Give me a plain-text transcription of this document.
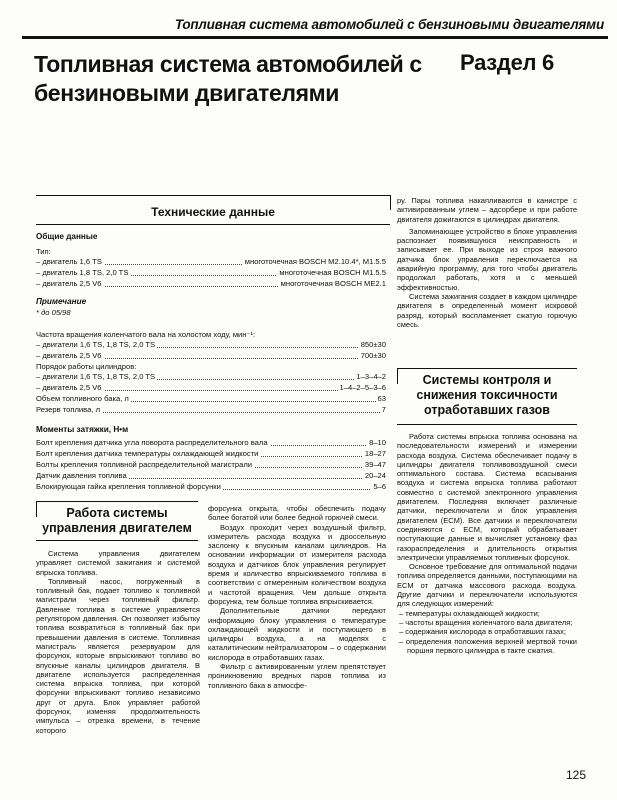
Топливная система автомобилей с бензиновыми двигателями
Топливная система автомобилей с бензиновыми двигателями
Раздел 6
Технические данные
Общие данные
Тип:
– двигатель 1,6 TS	многоточечная BOSCH M2.10.4*, M1.5.5
– двигатель 1,8 TS, 2,0 TS	многоточечная BOSCH M1.5.5
– двигатель 2,5 V6	многоточечная BOSCH ME2.1
Примечание
* до 05/98
Частота вращения коленчатого вала на холостом ходу, мин⁻¹:
– двигатели 1,6 TS, 1,8 TS, 2,0 TS	850±30
– двигатель 2,5 V6	700±30
Порядок работы цилиндров:
– двигатели 1,6 TS, 1,8 TS, 2,0 TS	1–3–4–2
– двигатель 2,5 V6	1–4–2–5–3–6
Объем топливного бака, л	63
Резерв топлива, л	7
Моменты затяжки, Н•м
Болт крепления датчика угла поворота распределительного вала	8–10
Болт крепления датчика температуры охлаждающей жидкости	18–27
Болты крепления топливной распределительной магистрали	39–47
Датчик давления топлива	20–24
Блокирующая гайка крепления топливной форсунки	5–6
Работа системы управления двигателем

Система управления двигателем управляет системой зажигания и системой впрыска топлива.

Топливный насос, погруженный в топливный бак, подает топливо к топливной магистрали через топливный фильтр. Давление топлива в системе управляется регулятором давления. Он позволяет избытку топлива возвратиться в топливный бак при превышении давления в системе. Топливная магистраль является резервуаром для форсунок, которые впрыскивают топливо во впускные каналы цилиндров двигателя. В двигателе используется распределенная система впрыска топлива, при которой форсунки впрыскивают топливо независимо друг от друга. Блок управляет работой форсунок, изменяя продолжительность импульса – отрезка времени, в течение которого

форсунка открыта, чтобы обеспечить подачу более богатой или более бедной горючей смеси.

Воздух проходит через воздушный фильтр, измеритель расхода воздуха и дроссельную заслонку к впускным каналам цилиндров. На основании информации от измерителя расхода воздуха и датчиков блок управления регулирует время и количество впрыскиваемого топлива в соответствии с отмеренным количеством воздуха и частотой вращения. Чем дольше открыта форсунка, тем больше топлива впрыскивается.

Дополнительные датчики передают информацию блоку управления о температуре охлаждающей жидкости и поступающего в цилиндры воздуха, а на моделях с каталитическим нейтрализатором – о содержании кислорода в отработавших газах.

Фильтр с активированным углем препятствует проникновению вредных паров топлива из топливного бака в атмосфе-

ру. Пары топлива накапливаются в канистре с активированным углем – адсорбере и при работе двигателя дожигаются в цилиндрах двигателя.

Запоминающее устройство в блоке управления распознает появившуюся неисправность и записывает ее. При выходе из строя важного датчика блок управления переключается на аварийную программу, для того чтобы двигатель продолжал работать, хотя и с меньшей эффективностью.

Система зажигания создает в каждом цилиндре двигателя в определенный момент искровой разряд, который воспламеняет сжатую горючую смесь.

Системы контроля и снижения токсичности отработавших газов

Работа системы впрыска топлива основана на последовательности измерений и измерении расхода воздуха. Система обеспечивает подачу в цилиндры двигателя топливовоздушной смеси оптимального состава. Система всасывания воздуха и система впрыска топлива работают совместно с системой электронного управления двигателем. Последняя включает различные датчики, переключатели и блок управления двигателем (ECM). Все датчики и переключатели соединяются с ECM, который обрабатывает поступающие данные и вычисляет установку фаз газораспределения и длительность открытия электрически управляемых топливных форсунок.

Основное требование для оптимальной подачи топлива определяется данными, поступающими на ECM от датчика массового расхода воздуха. Другие датчики и переключатели используются для следующих измерений:

– температуры охлаждающей жидкости;
– частоты вращения коленчатого вала двигателя;
– содержания кислорода в отработавших газах;
– определения положения верхней мертвой точки поршня первого цилиндра в такте сжатия.
125
